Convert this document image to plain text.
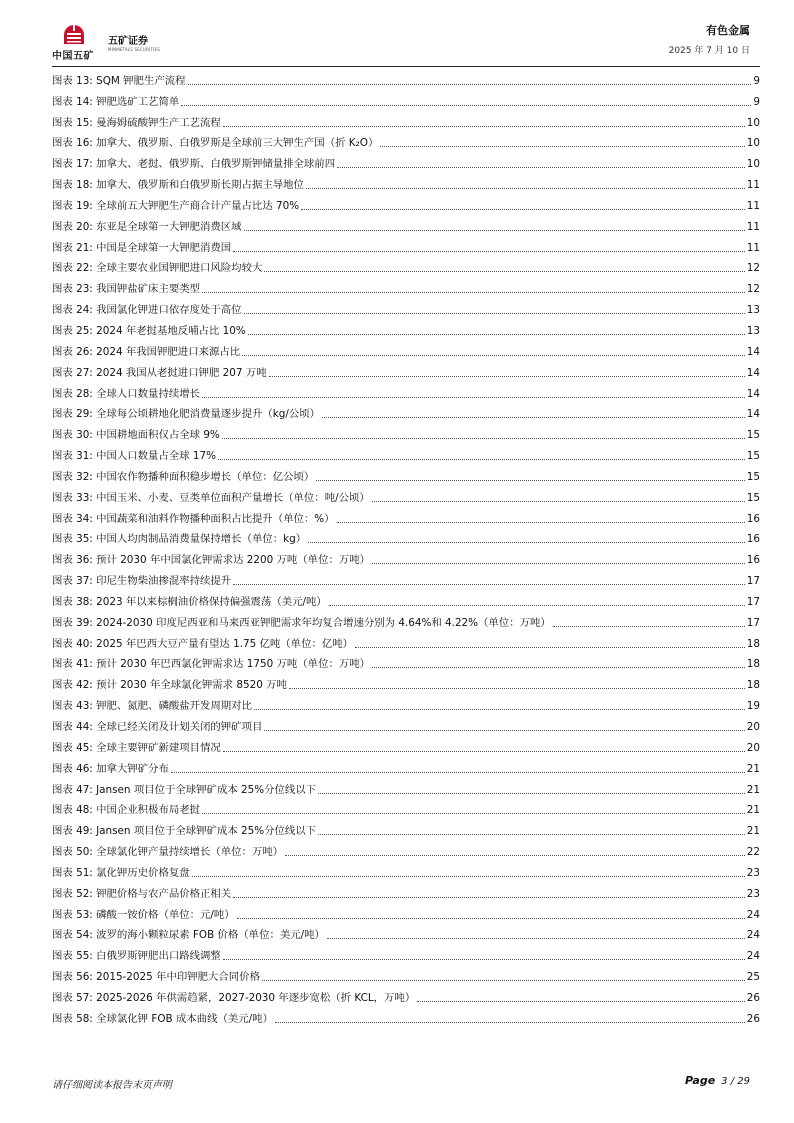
中国五矿
五矿证券
MINMETALS SECURITIES
有色金属
2025 年 7 月 10 日
图表 13: SQM 钾肥生产流程	9
图表 14: 钾肥选矿工艺简单	9
图表 15: 曼海姆硫酸钾生产工艺流程	10
图表 16: 加拿大、俄罗斯、白俄罗斯是全球前三大钾生产国（折 K₂O）	10
图表 17: 加拿大、老挝、俄罗斯、白俄罗斯钾储量排全球前四	10
图表 18: 加拿大、俄罗斯和白俄罗斯长期占据主导地位	11
图表 19: 全球前五大钾肥生产商合计产量占比达 70%	11
图表 20: 东亚是全球第一大钾肥消费区域	11
图表 21: 中国是全球第一大钾肥消费国	11
图表 22: 全球主要农业国钾肥进口风险均较大	12
图表 23: 我国钾盐矿床主要类型	12
图表 24: 我国氯化钾进口依存度处于高位	13
图表 25: 2024 年老挝基地反哺占比 10%	13
图表 26: 2024 年我国钾肥进口来源占比	14
图表 27: 2024 我国从老挝进口钾肥 207 万吨	14
图表 28: 全球人口数量持续增长	14
图表 29: 全球每公顷耕地化肥消费量逐步提升（kg/公顷）	14
图表 30: 中国耕地面积仅占全球 9%	15
图表 31: 中国人口数量占全球 17%	15
图表 32: 中国农作物播种面积稳步增长（单位：亿公顷）	15
图表 33: 中国玉米、小麦、豆类单位面积产量增长（单位：吨/公顷）	15
图表 34: 中国蔬菜和油料作物播种面积占比提升（单位：%）	16
图表 35: 中国人均肉制品消费量保持增长（单位：kg）	16
图表 36: 预计 2030 年中国氯化钾需求达 2200 万吨（单位：万吨）	16
图表 37: 印尼生物柴油掺混率持续提升	17
图表 38: 2023 年以来棕榈油价格保持偏强震荡（美元/吨）	17
图表 39: 2024-2030 印度尼西亚和马来西亚钾肥需求年均复合增速分别为 4.64%和 4.22%（单位：万吨）	17
图表 40: 2025 年巴西大豆产量有望达 1.75 亿吨（单位：亿吨）	18
图表 41: 预计 2030 年巴西氯化钾需求达 1750 万吨（单位：万吨）	18
图表 42: 预计 2030 年全球氯化钾需求 8520 万吨	18
图表 43: 钾肥、氮肥、磷酸盐开发周期对比	19
图表 44: 全球已经关闭及计划关闭的钾矿项目	20
图表 45: 全球主要钾矿新建项目情况	20
图表 46: 加拿大钾矿分布	21
图表 47: Jansen 项目位于全球钾矿成本 25%分位线以下	21
图表 48: 中国企业积极布局老挝	21
图表 49: Jansen 项目位于全球钾矿成本 25%分位线以下	21
图表 50: 全球氯化钾产量持续增长（单位：万吨）	22
图表 51: 氯化钾历史价格复盘	23
图表 52: 钾肥价格与农产品价格正相关	23
图表 53: 磷酸一铵价格（单位：元/吨）	24
图表 54: 波罗的海小颗粒尿素 FOB 价格（单位：美元/吨）	24
图表 55: 白俄罗斯钾肥出口路线调整	24
图表 56: 2015-2025 年中印钾肥大合同价格	25
图表 57: 2025-2026 年供需趋紧，2027-2030 年逐步宽松（折 KCL，万吨）	26
图表 58: 全球氯化钾 FOB 成本曲线（美元/吨）	26
请仔细阅读本报告末页声明	Page 3 / 29
